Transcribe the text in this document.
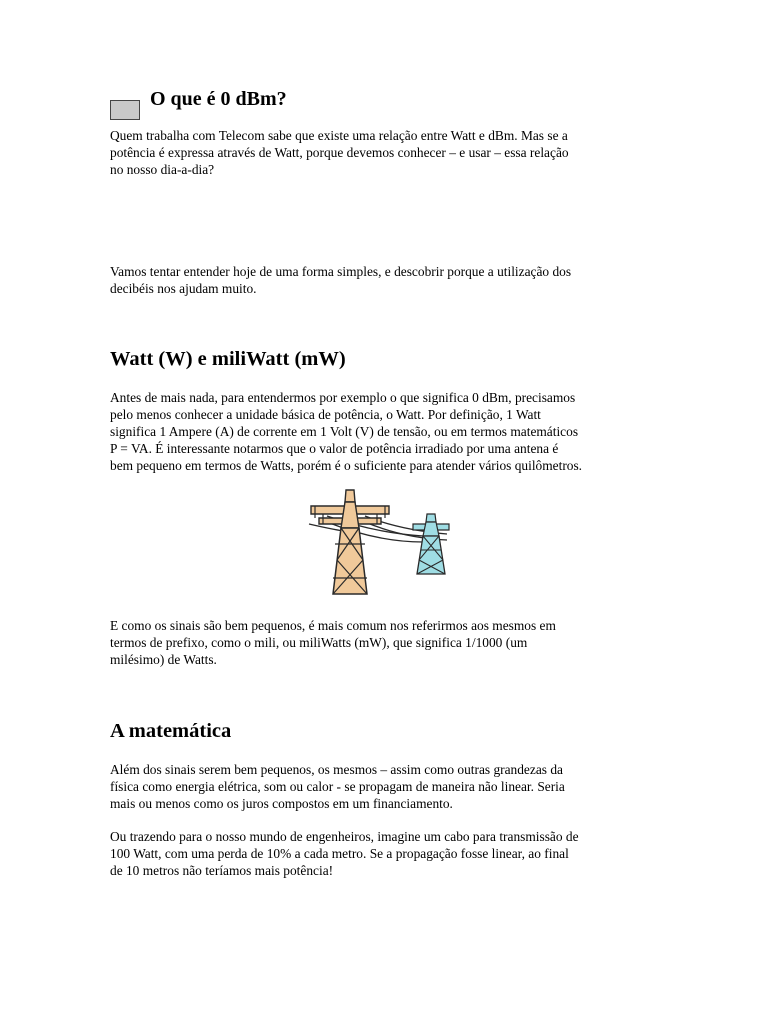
O que é 0 dBm?

Quem trabalha com Telecom sabe que existe uma relação entre Watt e dBm. Mas se a

potência é expressa através de Watt, porque devemos conhecer – e usar – essa relação

no nosso dia-a-dia?

Vamos tentar entender hoje de uma forma simples, e descobrir porque a utilização dos

decibéis nos ajudam muito.

Watt (W) e miliWatt (mW)

Antes de mais nada, para entendermos por exemplo o que significa 0 dBm, precisamos

pelo menos conhecer a unidade básica de potência, o Watt. Por definição, 1 Watt

significa 1 Ampere (A) de corrente em 1 Volt (V) de tensão, ou em termos matemáticos

P = VA. É interessante notarmos que o valor de potência irradiado por uma antena é

bem pequeno em termos de Watts, porém é o suficiente para atender vários quilômetros.

E como os sinais são bem pequenos, é mais comum nos referirmos aos mesmos em

termos de prefixo, como o mili, ou miliWatts (mW), que significa 1/1000 (um

milésimo) de Watts.

A matemática

Além dos sinais serem bem pequenos, os mesmos – assim como outras grandezas da

física como energia elétrica, som ou calor - se propagam de maneira não linear. Seria

mais ou menos como os juros compostos em um financiamento.

Ou trazendo para o nosso mundo de engenheiros, imagine um cabo para transmissão de

100 Watt, com uma perda de 10% a cada metro. Se a propagação fosse linear, ao final

de 10 metros não teríamos mais potência!
